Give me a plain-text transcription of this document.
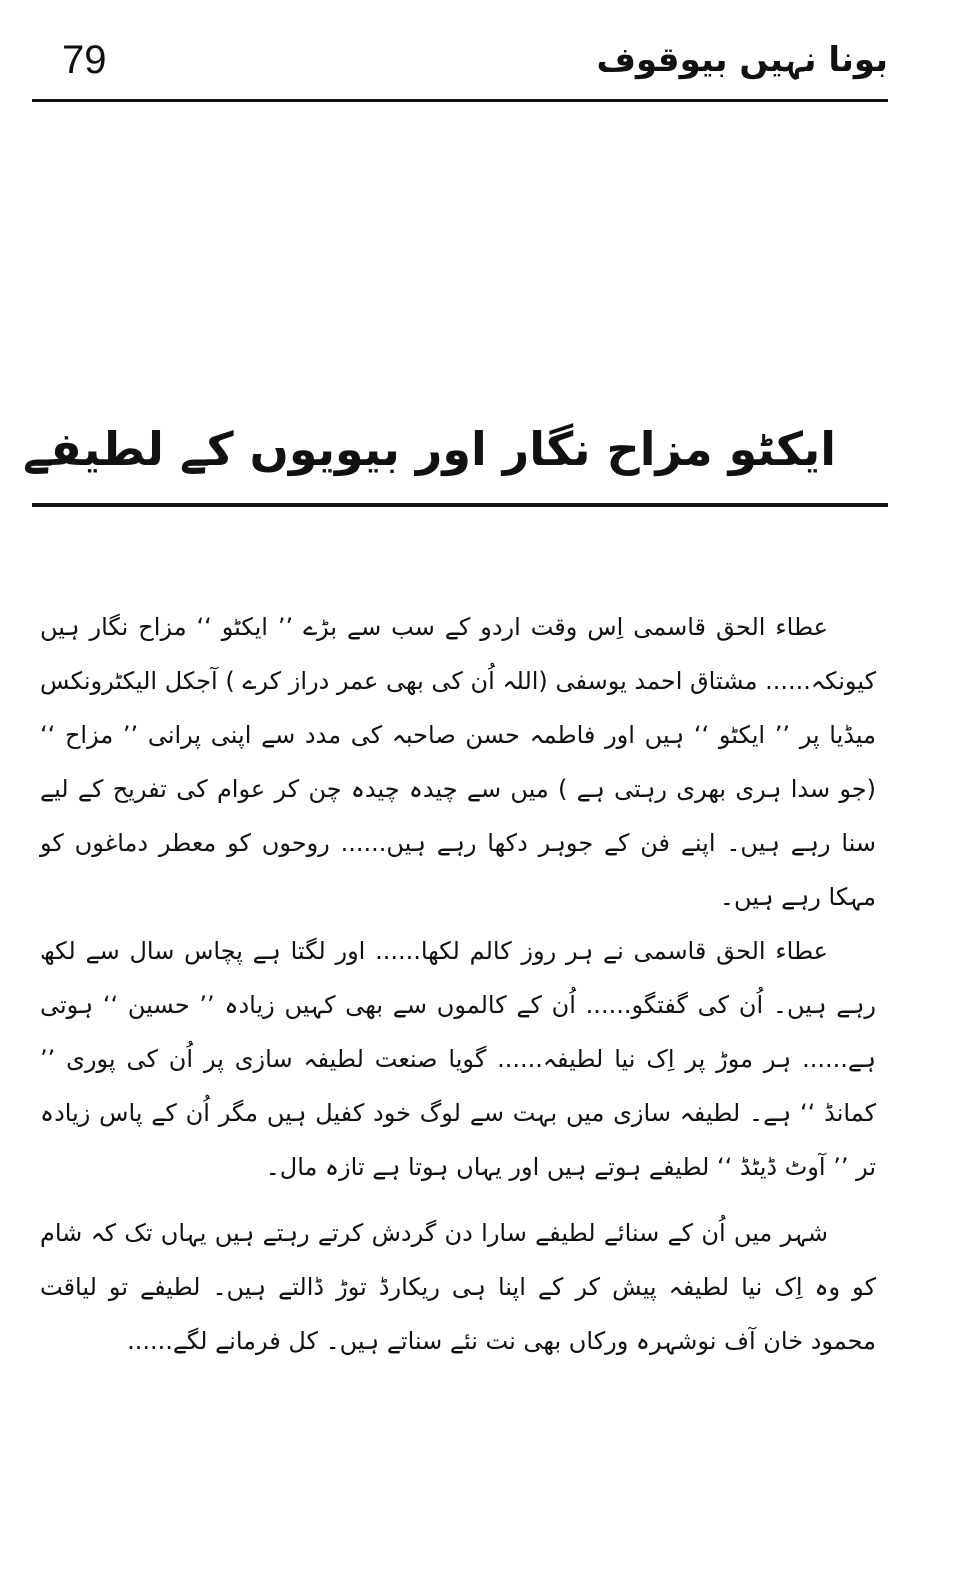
79	بونا نہیں بیوقوف
ایکٹو مزاح نگار اور بیویوں کے لطیفے

عطاء الحق قاسمی اِس وقت اردو کے سب سے بڑے ’’ ایکٹو ‘‘ مزاح نگار ہیں کیونکہ...... مشتاق احمد یوسفی (اللہ اُن کی بھی عمر دراز کرے ) آجکل الیکٹرونکس میڈیا پر ’’ ایکٹو ‘‘ ہیں اور فاطمہ حسن صاحبہ کی مدد سے اپنی پرانی ’’ مزاح ‘‘ (جو سدا ہری بھری رہتی ہے ) میں سے چیدہ چیدہ چن کر عوام کی تفریح کے لیے سنا رہے ہیں۔ اپنے فن کے جوہر دکھا رہے ہیں...... روحوں کو معطر دماغوں کو مہکا رہے ہیں۔

عطاء الحق قاسمی نے ہر روز کالم لکھا...... اور لگتا ہے پچاس سال سے لکھ رہے ہیں۔ اُن کی گفتگو...... اُن کے کالموں سے بھی کہیں زیادہ ’’ حسین ‘‘ ہوتی ہے...... ہر موڑ پر اِک نیا لطیفہ...... گویا صنعت لطیفہ سازی پر اُن کی پوری ’’ کمانڈ ‘‘ ہے۔ لطیفہ سازی میں بہت سے لوگ خود کفیل ہیں مگر اُن کے پاس زیادہ تر ’’ آوٹ ڈیٹڈ ‘‘ لطیفے ہوتے ہیں اور یہاں ہوتا ہے تازہ مال۔

شہر میں اُن کے سنائے لطیفے سارا دن گردش کرتے رہتے ہیں یہاں تک کہ شام کو وہ اِک نیا لطیفہ پیش کر کے اپنا ہی ریکارڈ توڑ ڈالتے ہیں۔ لطیفے تو لیاقت محمود خان آف نوشہرہ ورکاں بھی نت نئے سناتے ہیں۔ کل فرمانے لگے......
